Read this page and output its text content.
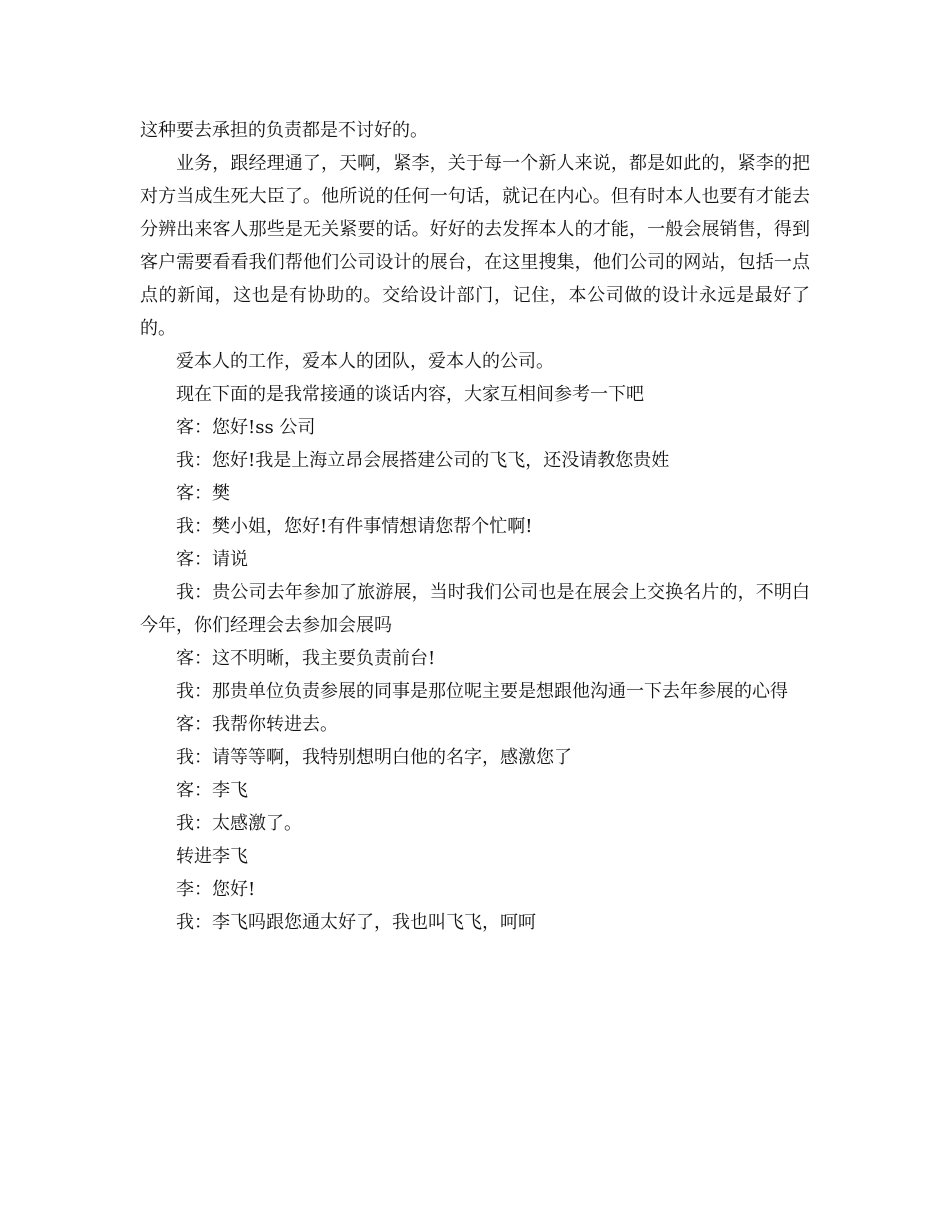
这种要去承担的负责都是不讨好的。

业务，跟经理通了，天啊，紧李，关于每一个新人来说，都是如此的，紧李的把对方当成生死大臣了。他所说的任何一句话，就记在内心。但有时本人也要有才能去分辨出来客人那些是无关紧要的话。好好的去发挥本人的才能，一般会展销售，得到客户需要看看我们帮他们公司设计的展台，在这里搜集，他们公司的网站，包括一点点的新闻，这也是有协助的。交给设计部门，记住，本公司做的设计永远是最好了的。

爱本人的工作，爱本人的团队，爱本人的公司。

现在下面的是我常接通的谈话内容，大家互相间参考一下吧

客：您好!ss 公司

我：您好!我是上海立昂会展搭建公司的飞飞，还没请教您贵姓

客：樊

我：樊小姐，您好!有件事情想请您帮个忙啊!

客：请说

我：贵公司去年参加了旅游展，当时我们公司也是在展会上交换名片的，不明白今年，你们经理会去参加会展吗

客：这不明晰，我主要负责前台!

我：那贵单位负责参展的同事是那位呢主要是想跟他沟通一下去年参展的心得

客：我帮你转进去。

我：请等等啊，我特别想明白他的名字，感激您了

客：李飞

我：太感激了。

转进李飞

李：您好!

我：李飞吗跟您通太好了，我也叫飞飞，呵呵
